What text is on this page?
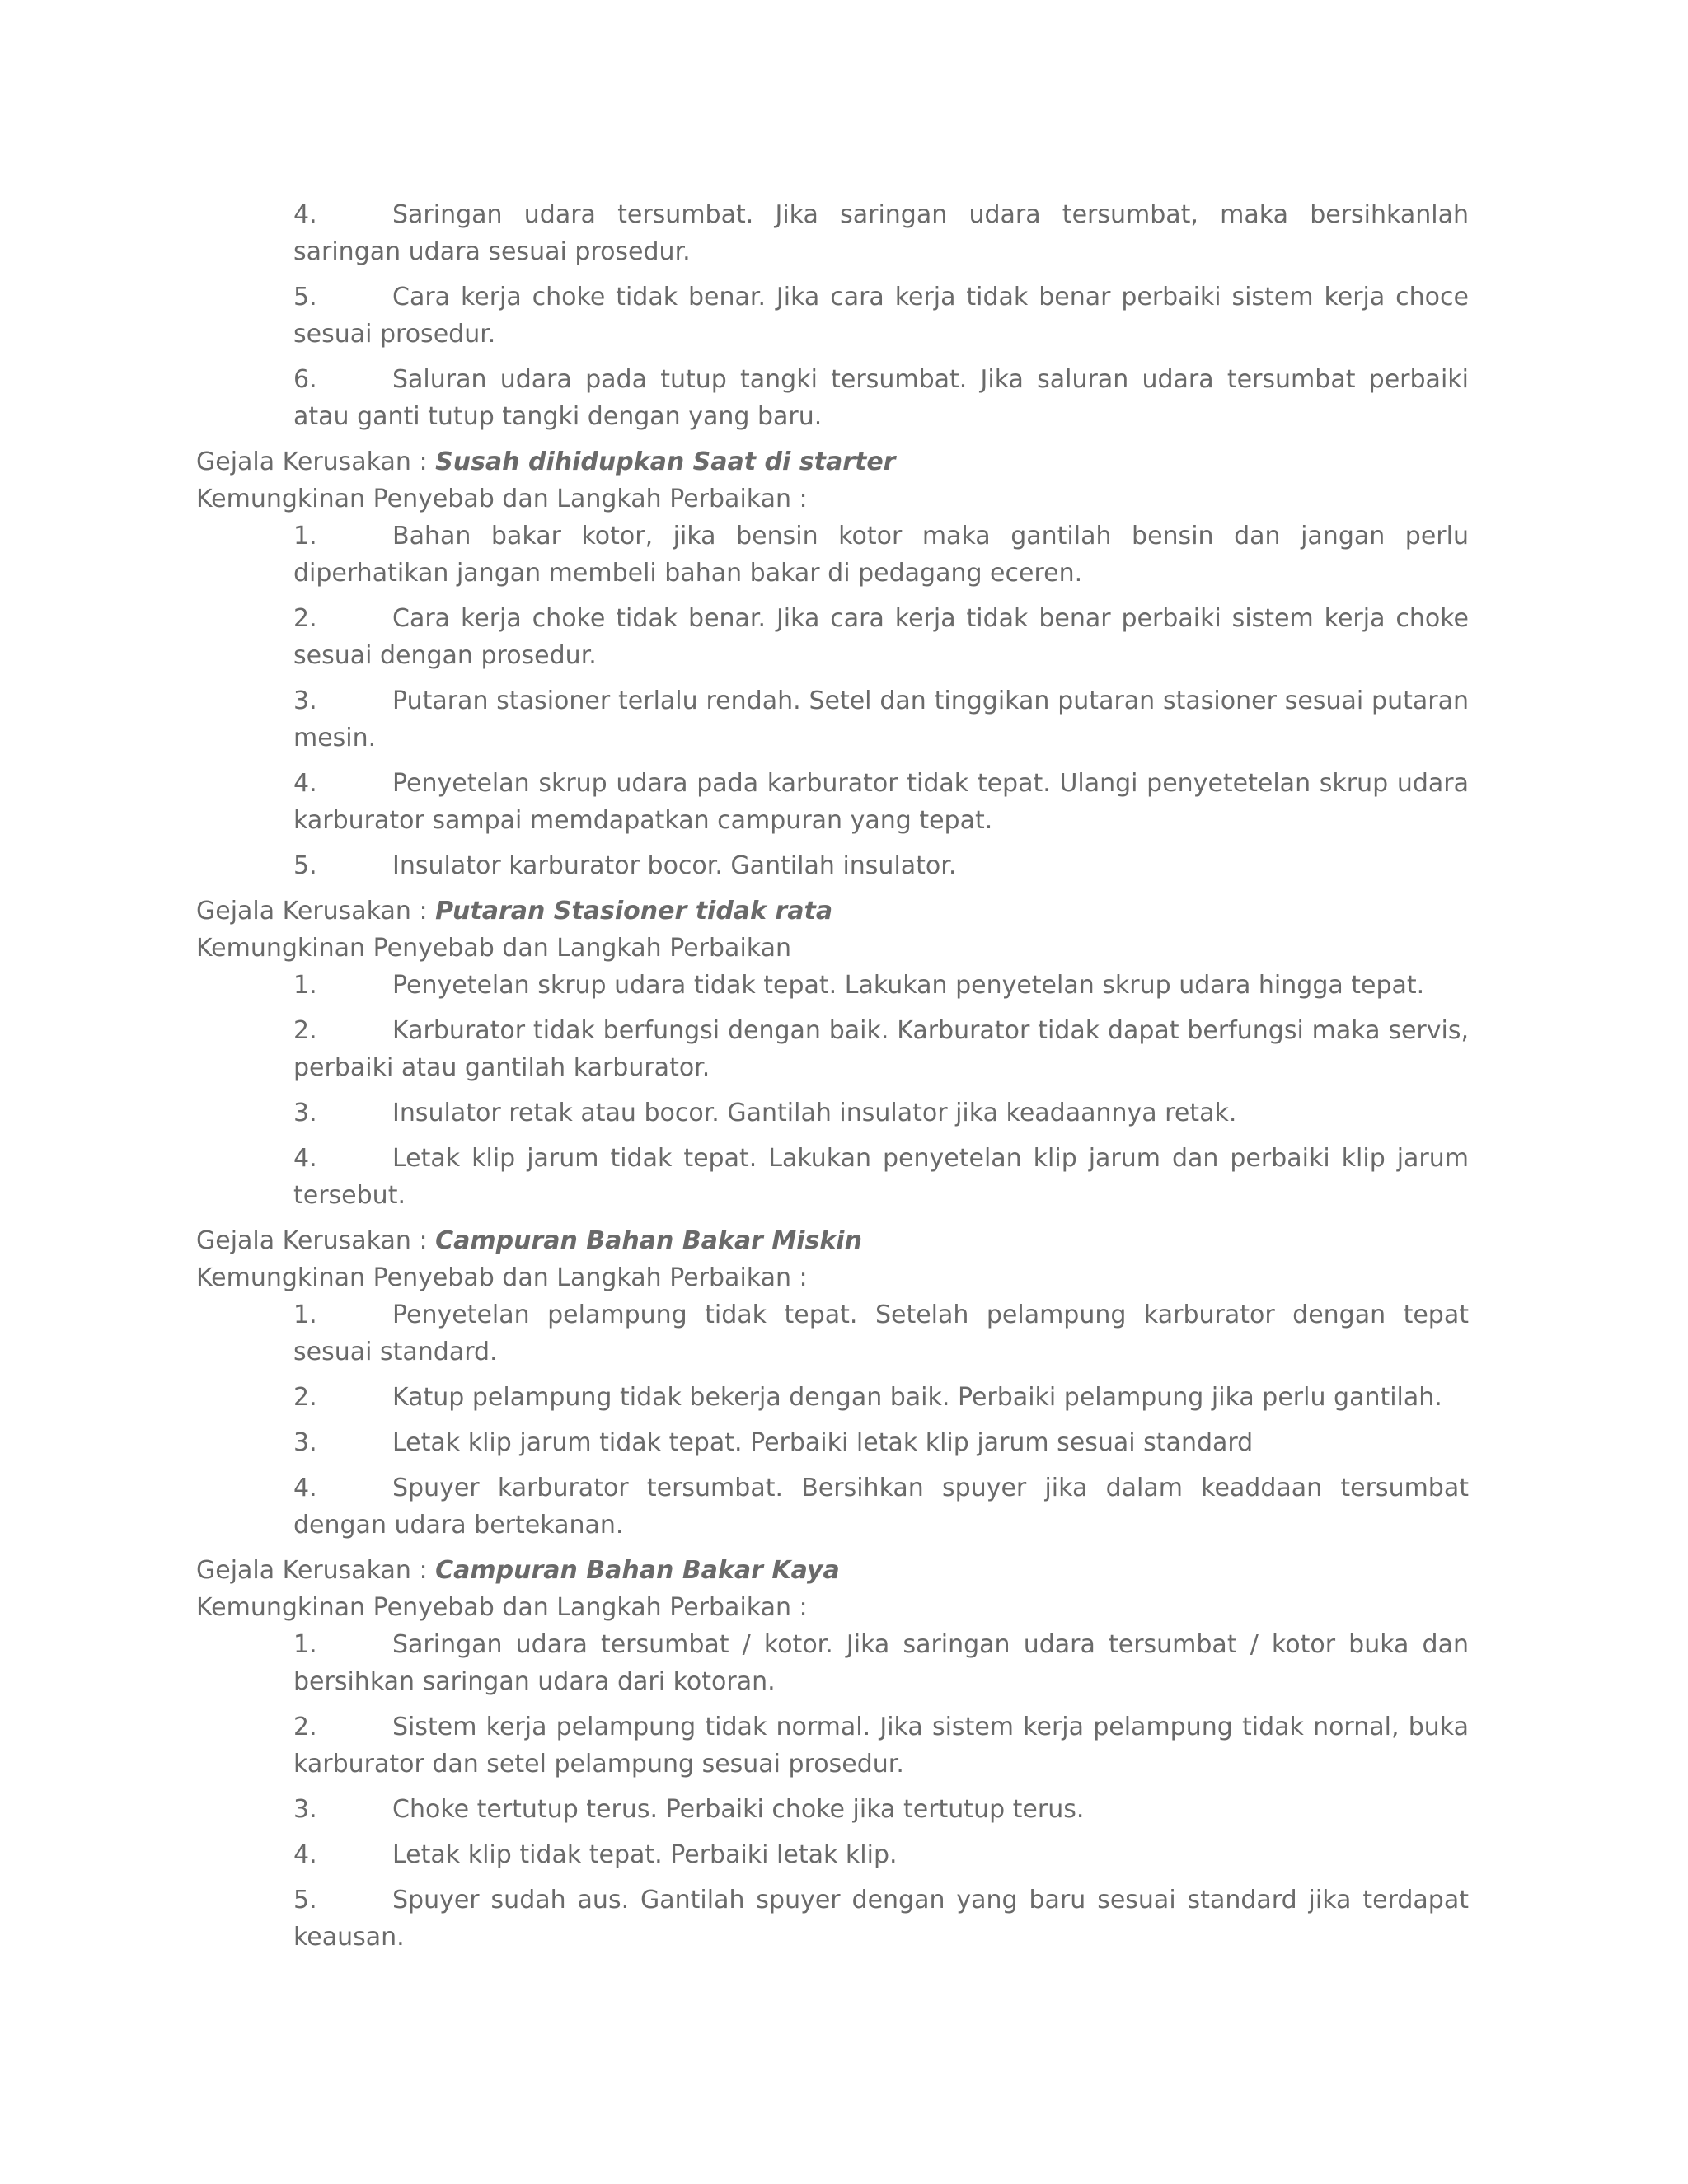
4.	Saringan udara tersumbat. Jika saringan udara tersumbat, maka bersihkanlah saringan udara sesuai prosedur.
5.	Cara kerja choke tidak benar. Jika cara kerja tidak benar perbaiki sistem kerja choce sesuai prosedur.
6.	Saluran udara pada tutup tangki tersumbat. Jika saluran udara tersumbat perbaiki atau ganti tutup tangki dengan yang baru.
Gejala Kerusakan : Susah dihidupkan Saat di starter
Kemungkinan Penyebab dan Langkah Perbaikan :
1.	Bahan bakar kotor, jika bensin kotor maka gantilah bensin dan jangan perlu diperhatikan jangan membeli bahan bakar di pedagang eceren.
2.	Cara kerja choke tidak benar. Jika cara kerja tidak benar perbaiki sistem kerja choke sesuai dengan prosedur.
3.	Putaran stasioner terlalu rendah. Setel dan tinggikan putaran stasioner sesuai putaran mesin.
4.	Penyetelan skrup udara pada karburator tidak tepat. Ulangi penyetetelan skrup udara karburator sampai memdapatkan campuran yang tepat.
5.	Insulator karburator bocor. Gantilah insulator.
Gejala Kerusakan : Putaran Stasioner tidak rata
Kemungkinan Penyebab dan Langkah Perbaikan
1.	Penyetelan skrup udara tidak tepat. Lakukan penyetelan skrup udara hingga tepat.
2.	Karburator tidak berfungsi dengan baik. Karburator tidak dapat berfungsi maka servis, perbaiki atau gantilah karburator.
3.	Insulator retak atau bocor. Gantilah insulator jika keadaannya retak.
4.	Letak klip jarum tidak tepat. Lakukan penyetelan klip jarum dan perbaiki klip jarum tersebut.
Gejala Kerusakan : Campuran Bahan Bakar Miskin
Kemungkinan Penyebab dan Langkah Perbaikan :
1.	Penyetelan pelampung tidak tepat. Setelah pelampung karburator dengan tepat sesuai standard.
2.	Katup pelampung tidak bekerja dengan baik. Perbaiki pelampung jika perlu gantilah.
3.	Letak klip jarum tidak tepat. Perbaiki letak klip jarum sesuai standard
4.	Spuyer karburator tersumbat. Bersihkan spuyer jika dalam keaddaan tersumbat dengan udara bertekanan.
Gejala Kerusakan : Campuran Bahan Bakar Kaya
Kemungkinan Penyebab dan Langkah Perbaikan :
1.	Saringan udara tersumbat / kotor. Jika saringan udara tersumbat / kotor buka dan bersihkan saringan udara dari kotoran.
2.	Sistem kerja pelampung tidak normal. Jika sistem kerja pelampung tidak nornal, buka karburator dan setel pelampung sesuai prosedur.
3.	Choke tertutup terus. Perbaiki choke jika tertutup terus.
4.	Letak klip tidak tepat. Perbaiki letak klip.
5.	Spuyer sudah aus. Gantilah spuyer dengan yang baru sesuai standard jika terdapat keausan.
